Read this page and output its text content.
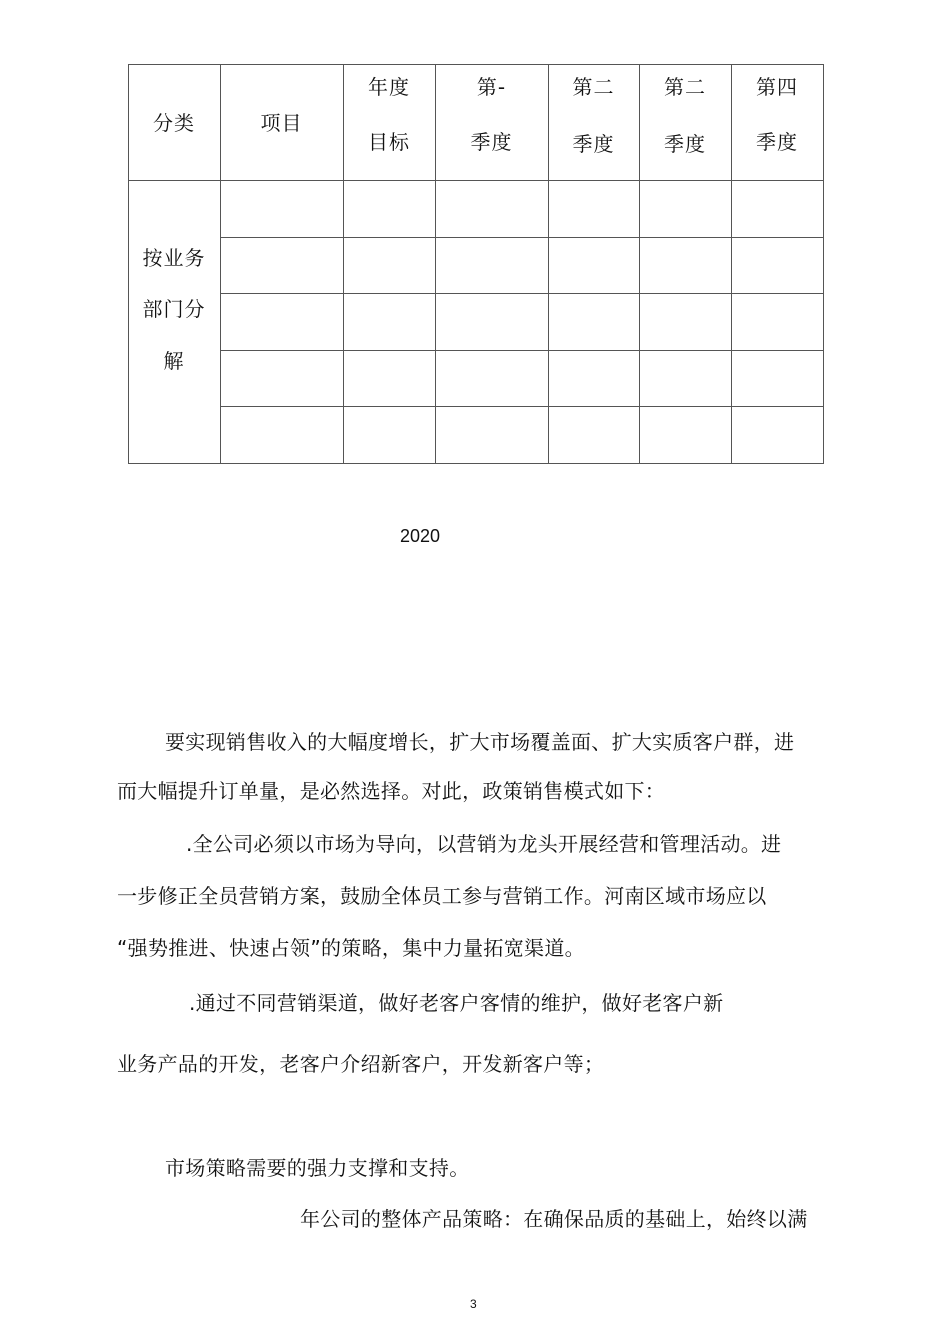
分类	项目
年度
目标
第-
季度
第二
季度
第二
季度
第四
季度
按业务
部门分
解
2020
要实现销售收入的大幅度增长，扩大市场覆盖面、扩大实质客户群，进
而大幅提升订单量，是必然选择。对此，政策销售模式如下：
.全公司必须以市场为导向，以营销为龙头开展经营和管理活动。进
一步修正全员营销方案，鼓励全体员工参与营销工作。河南区域市场应以
“强势推进、快速占领”的策略，集中力量拓宽渠道。
.通过不同营销渠道，做好老客户客情的维护，做好老客户新
业务产品的开发，老客户介绍新客户，开发新客户等；
市场策略需要的强力支撑和支持。
年公司的整体产品策略：在确保品质的基础上，始终以满
3
